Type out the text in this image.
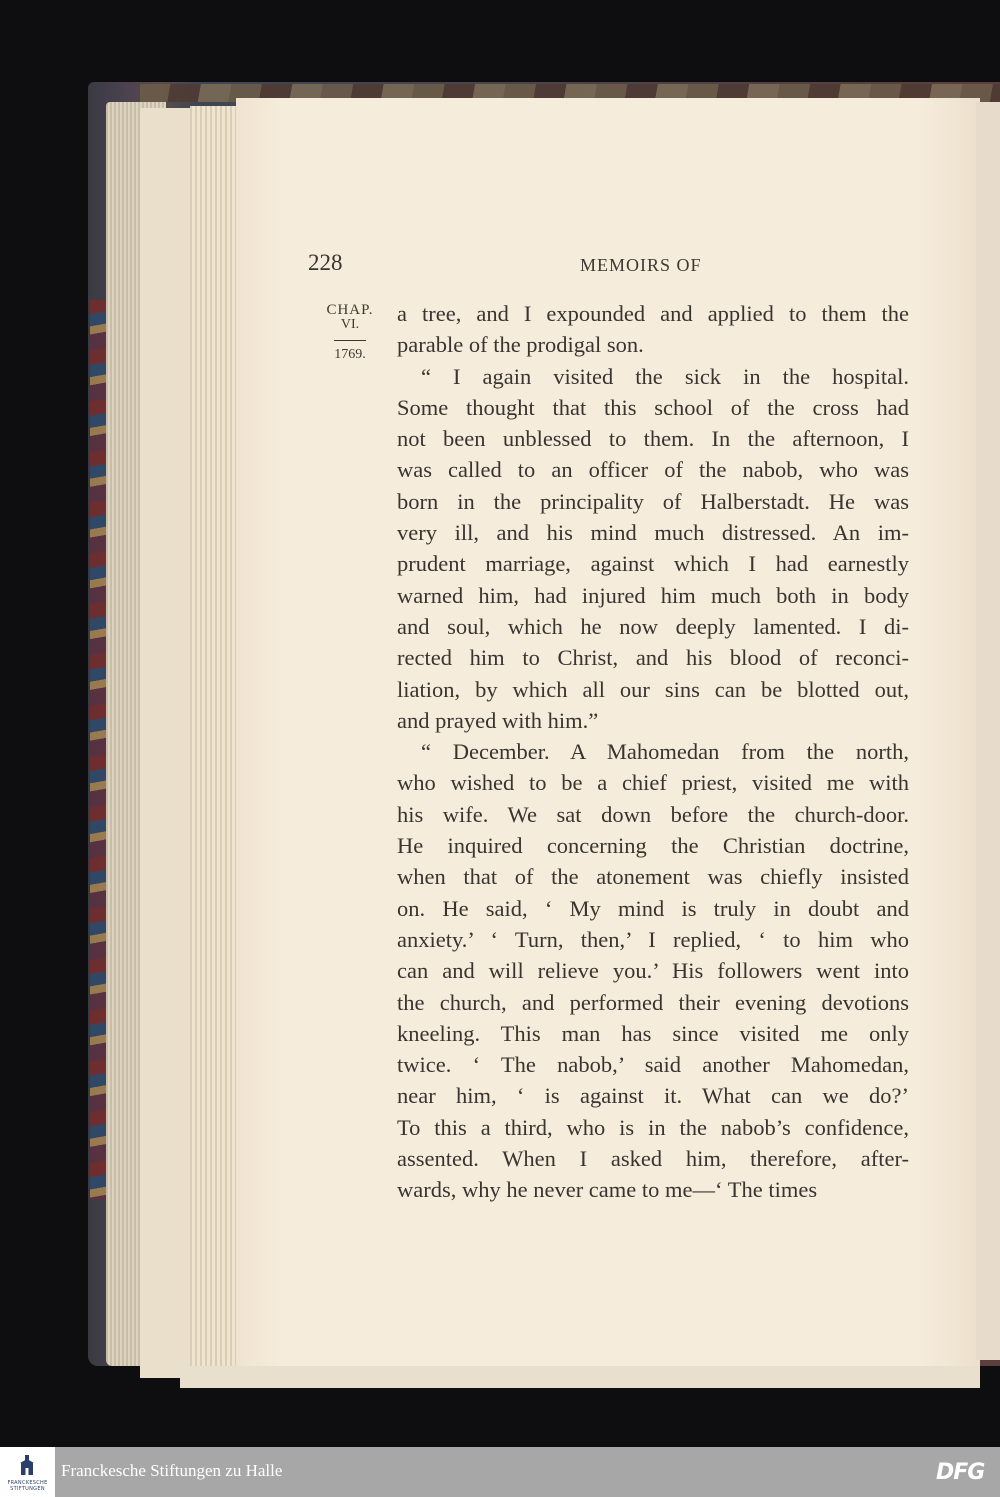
228	MEMOIRS OF
CHAP.
VI.
1769.
a tree, and I expounded and applied to them the
parable of the prodigal son.
“ I again visited the sick in the hospital.
Some thought that this school of the cross had
not been unblessed to them. In the afternoon, I
was called to an officer of the nabob, who was
born in the principality of Halberstadt. He was
very ill, and his mind much distressed. An im-
prudent marriage, against which I had earnestly
warned him, had injured him much both in body
and soul, which he now deeply lamented. I di-
rected him to Christ, and his blood of reconci-
liation, by which all our sins can be blotted out,
and prayed with him.”
“ December. A Mahomedan from the north,
who wished to be a chief priest, visited me with
his wife. We sat down before the church-door.
He inquired concerning the Christian doctrine,
when that of the atonement was chiefly insisted
on. He said, ‘ My mind is truly in doubt and
anxiety.’ ‘ Turn, then,’ I replied, ‘ to him who
can and will relieve you.’ His followers went into
the church, and performed their evening devotions
kneeling. This man has since visited me only
twice. ‘ The nabob,’ said another Mahomedan,
near him, ‘ is against it. What can we do?’
To this a third, who is in the nabob’s confidence,
assented. When I asked him, therefore, after-
wards, why he never came to me—‘ The times
FRANCKESCHE STIFTUNGEN
Franckesche Stiftungen zu Halle	DFG
